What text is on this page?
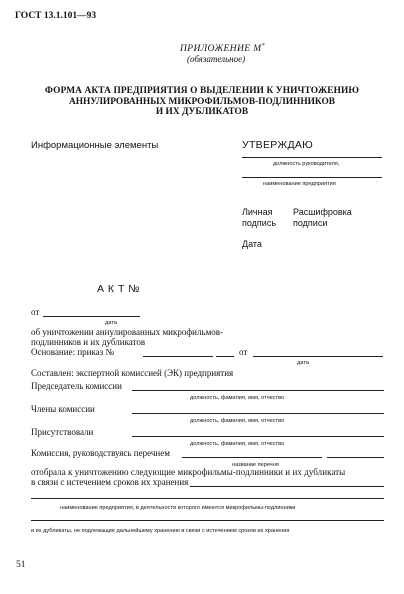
ГОСТ 13.1.101—93
ПРИЛОЖЕНИЕ М*
(обязательное)
ФОРМА АКТА ПРЕДПРИЯТИЯ О ВЫДЕЛЕНИИ К УНИЧТОЖЕНИЮ
АННУЛИРОВАННЫХ МИКРОФИЛЬМОВ-ПОДЛИННИКОВ
И ИХ ДУБЛИКАТОВ
Информационные элементы	УТВЕРЖДАЮ
должность руководителя,
наименование предприятия
Личная
подпись
Расшифровка
подписи
Дата
А К Т №
от
дата
об уничтожении аннулированных микрофильмов-
подлинников и их дубликатов
Основание: приказ №	от
дата
Составлен: экспертной комиссией (ЭК) предприятия
Председатель комиссии
должность, фамилия, имя, отчество
Члены комиссии
должность, фамилия, имя, отчество
Присутствовали
должность, фамилия, имя, отчество
Комиссия, руководствуясь перечнем
название перечня
отобрала к уничтожению следующие микрофильмы-подлинники и их дубликаты
в связи с истечением сроков их хранения
наименование предприятия, в деятельности которого имеются микрофильмы-подлинники
и их дубликаты, не подлежащие дальнейшему хранению в связи с истечением сроков их хранения
51
